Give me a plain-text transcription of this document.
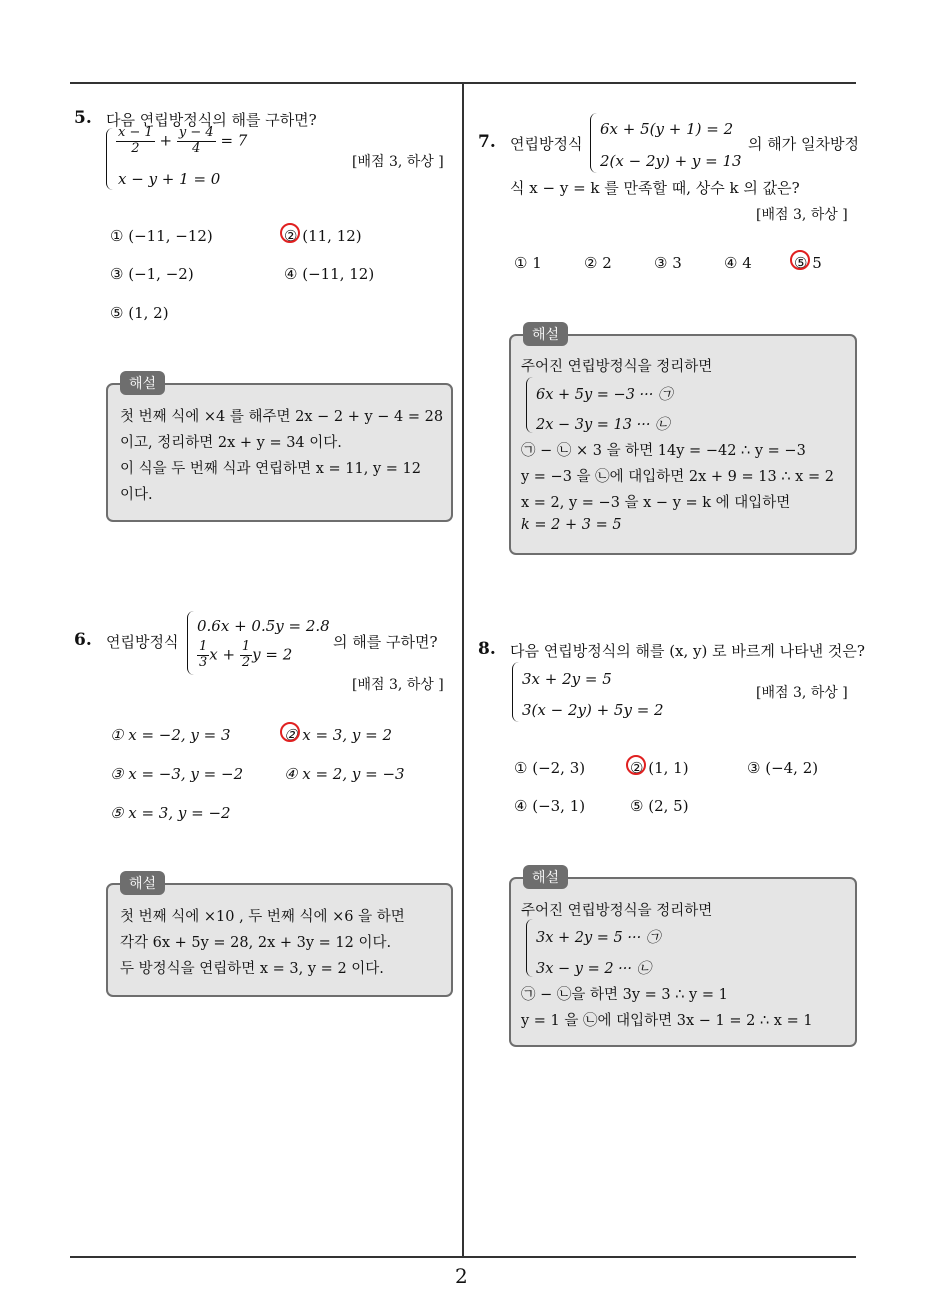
2
5. 다음 연립방정식의 해를 구하면?
$\frac{x - 1}{2} + \frac{y - 4}{4} = 7$
x − y + 1 = 0
[배점 3, 하상 ]
① (−11, −12)	② (11, 12)
③ (−1, −2)	④ (−11, 12)
⑤ (1, 2)
해설
첫 번째 식에 ×4 를 해주면 2x − 2 + y − 4 = 28
이고, 정리하면 2x + y = 34 이다.
이 식을 두 번째 식과 연립하면 x = 11, y = 12
이다.
6. 연립방정식
0.6x + 0.5y = 2.8
$\frac{1}{3}$ $x + \frac{1}{2}$ y = 2
의 해를 구하면?
[배점 3, 하상 ]
① x = −2, y = 3	② x = 3, y = 2
③ x = −3, y = −2	④ x = 2, y = −3
⑤ x = 3, y = −2
해설
첫 번째 식에 ×10 , 두 번째 식에 ×6 을 하면
각각 6x + 5y = 28, 2x + 3y = 12 이다.
두 방정식을 연립하면 x = 3, y = 2 이다.
7. 연립방정식
6x + 5(y + 1) = 2
2(x − 2y) + y = 13
의 해가 일차방정
식 x − y = k 를 만족할 때, 상수 k 의 값은?
[배점 3, 하상 ]
① 1	② 2	③ 3	④ 4	⑤ 5
해설
주어진 연립방정식을 정리하면
6x + 5y = −3 ··· ㉠
2x − 3y = 13 ··· ㉡
㉠ − ㉡ × 3 을 하면 14y = −42 ∴ y = −3
y = −3 을 ㉡에 대입하면 2x + 9 = 13 ∴ x = 2
x = 2, y = −3 을 x − y = k 에 대입하면
k = 2 + 3 = 5
8. 다음 연립방정식의 해를 (x, y) 로 바르게 나타낸 것은?
3x + 2y = 5
3(x − 2y) + 5y = 2
[배점 3, 하상 ]
① (−2, 3)	② (1, 1)	③ (−4, 2)
④ (−3, 1)	⑤ (2, 5)
해설
주어진 연립방정식을 정리하면
3x + 2y = 5 ··· ㉠
3x − y = 2 ··· ㉡
㉠ − ㉡을 하면 3y = 3 ∴ y = 1
y = 1 을 ㉡에 대입하면 3x − 1 = 2 ∴ x = 1
